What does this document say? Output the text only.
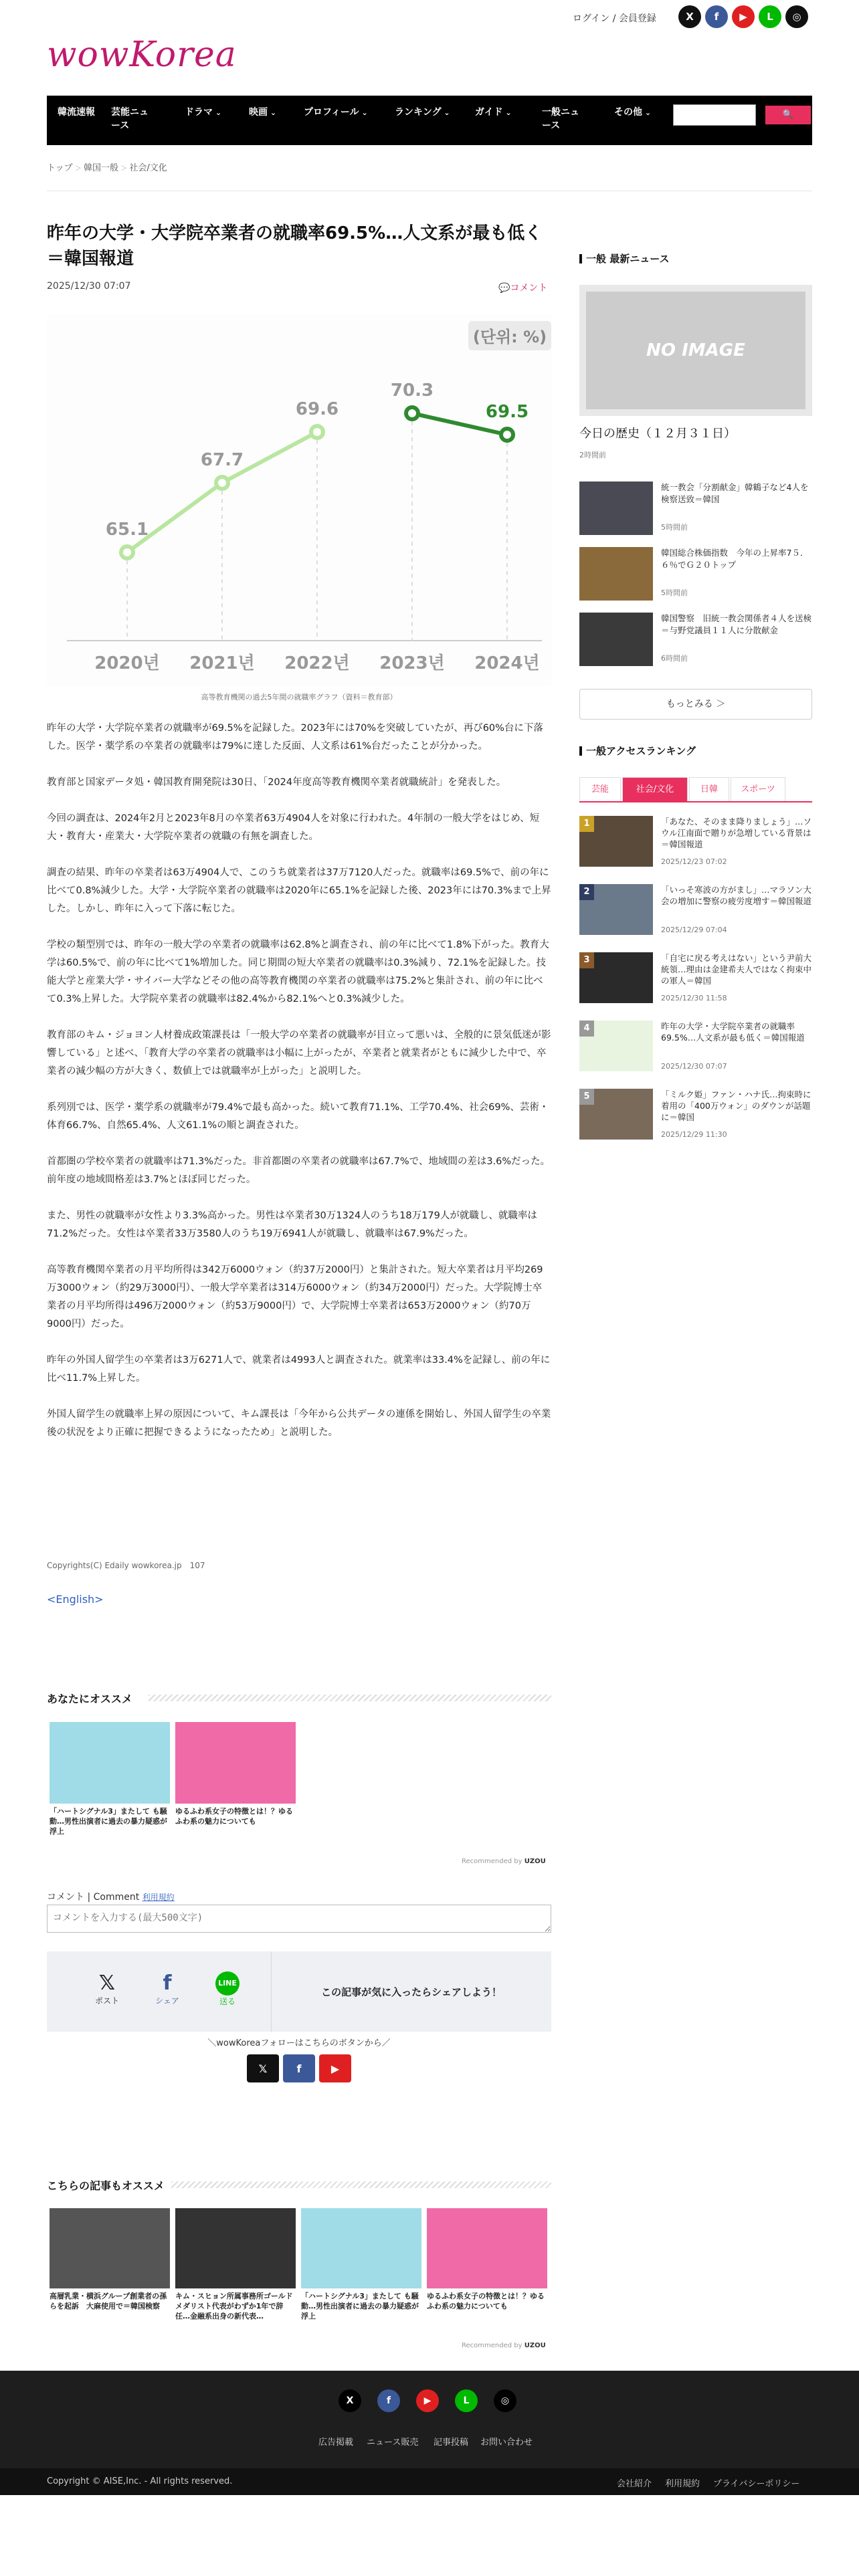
ログイン / 会員登録	X f ▶ L ◎
wowKorea
韓流速報 芸能ニュース
ドラマ ⌄	映画 ⌄	プロフィール ⌄	ランキング ⌄	ガイド ⌄	一般ニュース
その他 ⌄	🔍
トップ ＞ 韓国一般 ＞ 社会/文化
昨年の大学・大学院卒業者の就職率69.5%…人文系が最も低く＝韓国報道
2025/12/30 07:07	💬コメント
(단위: %)
65.1
2020년
67.7
2021년
69.6
2022년
70.3
2023년
69.5
2024년
高等教育機関の過去5年間の就職率グラフ（資料＝教育部）

昨年の大学・大学院卒業者の就職率が69.5%を記録した。2023年には70%を突破していたが、再び60%台に下落した。医学・薬学系の卒業者の就職率は79%に達した反面、人文系は61%台だったことが分かった。

教育部と国家データ処・韓国教育開発院は30日、「2024年度高等教育機関卒業者就職統計」を発表した。

今回の調査は、2024年2月と2023年8月の卒業者63万4904人を対象に行われた。4年制の一般大学をはじめ、短大・教育大・産業大・大学院卒業者の就職の有無を調査した。

調査の結果、昨年の卒業者は63万4904人で、このうち就業者は37万7120人だった。就職率は69.5%で、前の年に比べて0.8%減少した。大学・大学院卒業者の就職率は2020年に65.1%を記録した後、2023年には70.3%まで上昇した。しかし、昨年に入って下落に転じた。

学校の類型別では、昨年の一般大学の卒業者の就職率は62.8%と調査され、前の年に比べて1.8%下がった。教育大学は60.5%で、前の年に比べて1%増加した。同じ期間の短大卒業者の就職率は0.3%減り、72.1%を記録した。技能大学と産業大学・サイバー大学などその他の高等教育機関の卒業者の就職率は75.2%と集計され、前の年に比べて0.3%上昇した。大学院卒業者の就職率は82.4%から82.1%へと0.3%減少した。

教育部のキム・ジョヨン人材養成政策課長は「一般大学の卒業者の就職率が目立って悪いは、全般的に景気低迷が影響している」と述べ、「教育大学の卒業者の就職率は小幅に上がったが、卒業者と就業者がともに減少した中で、卒業者の減少幅の方が大きく、数値上では就職率が上がった」と説明した。

系列別では、医学・薬学系の就職率が79.4%で最も高かった。続いて教育71.1%、工学70.4%、社会69%、芸術・体育66.7%、自然65.4%、人文61.1%の順と調査された。

首都圏の学校卒業者の就職率は71.3%だった。非首都圏の卒業者の就職率は67.7%で、地域間の差は3.6%だった。前年度の地域間格差は3.7%とほぼ同じだった。

また、男性の就職率が女性より3.3%高かった。男性は卒業者30万1324人のうち18万179人が就職し、就職率は71.2%だった。女性は卒業者33万3580人のうち19万6941人が就職し、就職率は67.9%だった。

高等教育機関卒業者の月平均所得は342万6000ウォン（約37万2000円）と集計された。短大卒業者は月平均269万3000ウォン（約29万3000円）、一般大学卒業者は314万6000ウォン（約34万2000円）だった。大学院博士卒業者の月平均所得は496万2000ウォン（約53万9000円）で、大学院博士卒業者は653万2000ウォン（約70万9000円）だった。

昨年の外国人留学生の卒業者は3万6271人で、就業者は4993人と調査された。就業率は33.4%を記録し、前の年に比べ11.7%上昇した。

外国人留学生の就職率上昇の原因について、キム課長は「今年から公共データの連係を開始し、外国人留学生の卒業後の状況をより正確に把握できるようになったため」と説明した。

Copyrights(C) Edaily wowkorea.jp　107
<English>
あなたにオススメ
「ハートシグナル3」またして も騒動…男性出演者に過去の暴力疑惑が浮上
ゆるふわ系女子の特徴とは！？ゆるふわ系の魅力についても
Recommended by UZOU
コメント | Comment 利用規約
コメントを入力する(最大500文字)
𝕏
ポスト
f
シェア
LINE
送る
この記事が気に入ったらシェアしよう！
＼wowKoreaフォローはこちらのボタンから／
𝕏	f	▶
こちらの記事もオススメ
高層乳業・横浜グループ創業者の孫らを起訴　大麻使用で＝韓国検察
キム・スヒョン所属事務所ゴールドメダリスト代表がわずか1年で辞任…金融系出身の新代表…
「ハートシグナル3」またして も騒動…男性出演者に過去の暴力疑惑が浮上
ゆるふわ系女子の特徴とは！？ゆるふわ系の魅力についても
Recommended by UZOU
一般 最新ニュース
NO IMAGE
今日の歴史（１２月３１日）
2時間前
統一教会「分割献金」韓鶴子など4人を検察送致＝韓国
5時間前
韓国総合株価指数　今年の上昇率7５．６％でＧ２０トップ
5時間前
韓国警察　旧統一教会関係者４人を送検＝与野党議員１１人に分散献金
6時間前
もっとみる ＞
一般アクセスランキング
芸能	社会/文化	日韓	スポーツ
1	「あなた、そのまま降りましょう」…ソウル江南面で贈りが急増している背景は＝韓国報道
2025/12/23 07:02
2	「いっそ寒波の方がまし」…マラソン大会の増加に警察の疲労度増す＝韓国報道
2025/12/29 07:04
3	「自宅に戻る考えはない」という尹前大統領…理由は金建希夫人ではなく拘束中の軍人＝韓国
2025/12/30 11:58
4	昨年の大学・大学院卒業者の就職率69.5%…人文系が最も低く＝韓国報道
2025/12/30 07:07
5	「ミルク姫」ファン・ハナ氏…拘束時に着用の「400万ウォン」のダウンが話題に＝韓国
2025/12/29 11:30
X	f	▶	L	◎
広告掲載 ニュース販売 記事投稿 お問い合わせ
Copyright © AISE,Inc. - All rights reserved.	会社紹介 利用規約 プライバシーポリシー
